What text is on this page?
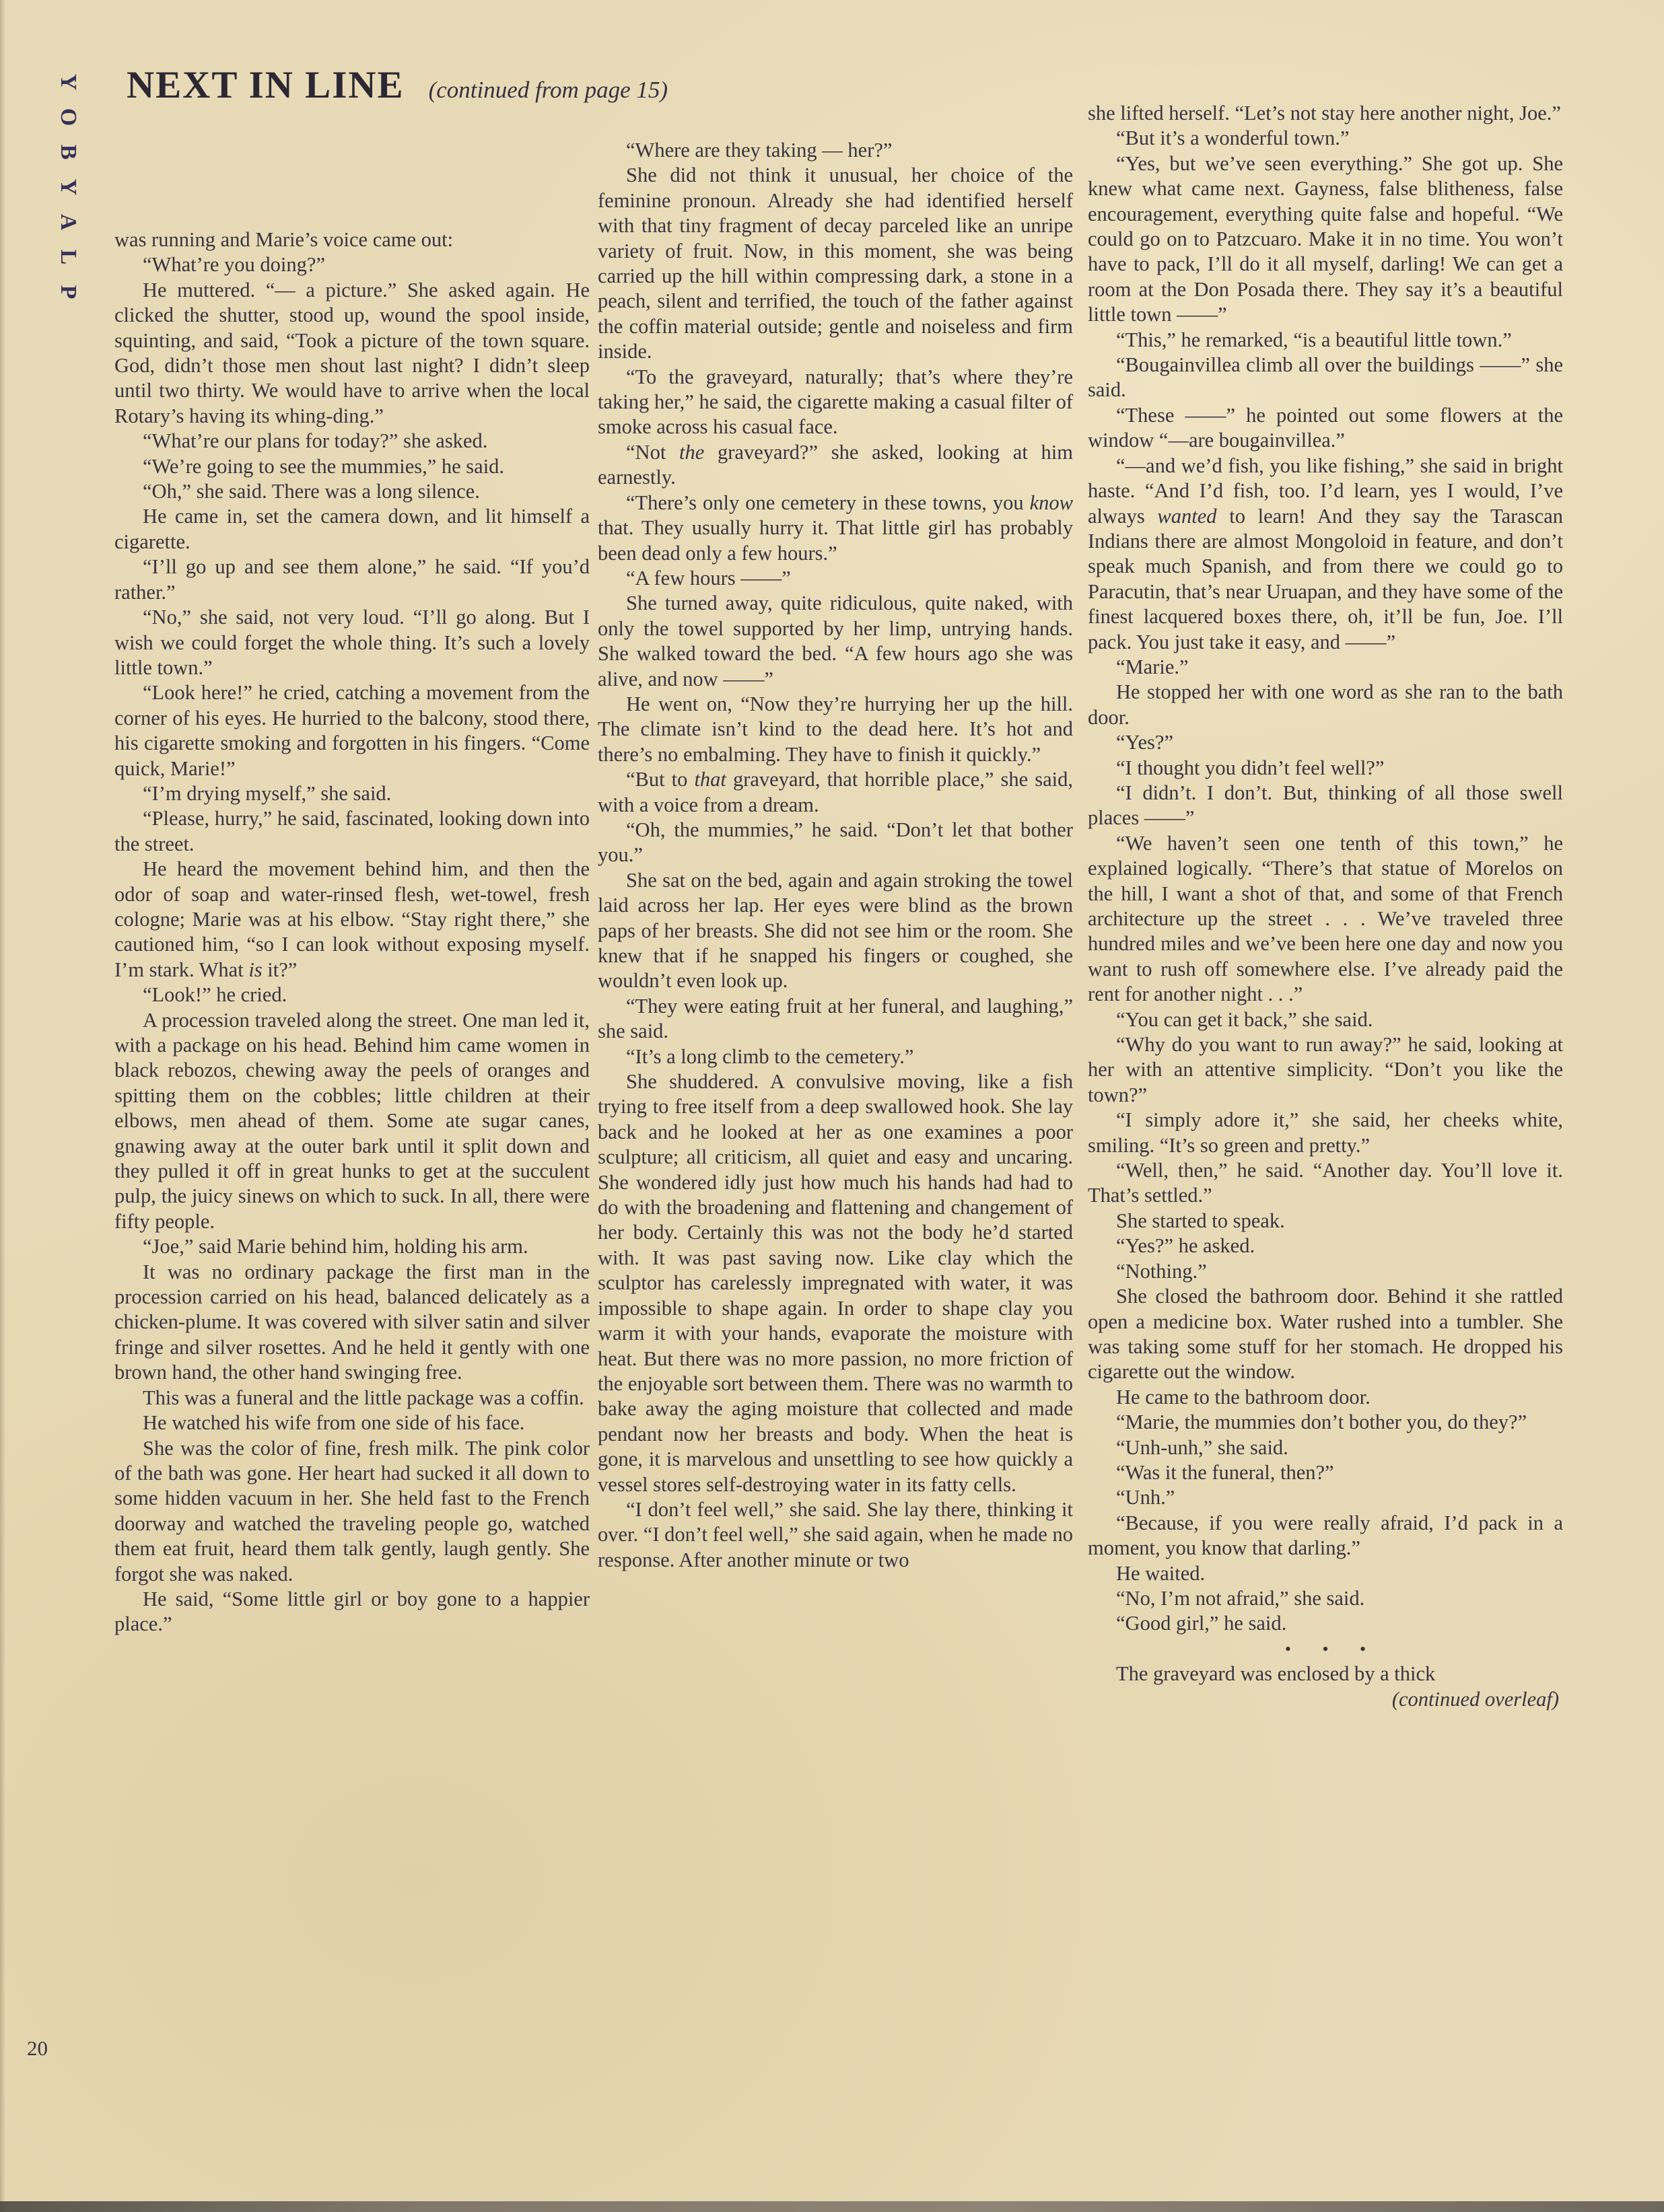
Y
O
B
Y
A
L
P
NEXT IN LINE (continued from page 15)

was running and Marie’s voice came out:

“What’re you doing?”

He muttered. “— a picture.” She asked again. He clicked the shutter, stood up, wound the spool inside, squinting, and said, “Took a picture of the town square. God, didn’t those men shout last night? I didn’t sleep until two thirty. We would have to arrive when the local Rotary’s having its whing-ding.”

“What’re our plans for today?” she asked.

“We’re going to see the mummies,” he said.

“Oh,” she said. There was a long silence.

He came in, set the camera down, and lit himself a cigarette.

“I’ll go up and see them alone,” he said. “If you’d rather.”

“No,” she said, not very loud. “I’ll go along. But I wish we could forget the whole thing. It’s such a lovely little town.”

“Look here!” he cried, catching a movement from the corner of his eyes. He hurried to the balcony, stood there, his cigarette smoking and forgotten in his fingers. “Come quick, Marie!”

“I’m drying myself,” she said.

“Please, hurry,” he said, fascinated, looking down into the street.

He heard the movement behind him, and then the odor of soap and water-rinsed flesh, wet-towel, fresh cologne; Marie was at his elbow. “Stay right there,” she cautioned him, “so I can look without exposing myself. I’m stark. What is it?”

“Look!” he cried.

A procession traveled along the street. One man led it, with a package on his head. Behind him came women in black rebozos, chewing away the peels of oranges and spitting them on the cobbles; little children at their elbows, men ahead of them. Some ate sugar canes, gnawing away at the outer bark until it split down and they pulled it off in great hunks to get at the succulent pulp, the juicy sinews on which to suck. In all, there were fifty people.

“Joe,” said Marie behind him, holding his arm.

It was no ordinary package the first man in the procession carried on his head, balanced delicately as a chicken-plume. It was covered with silver satin and silver fringe and silver rosettes. And he held it gently with one brown hand, the other hand swinging free.

This was a funeral and the little package was a coffin.

He watched his wife from one side of his face.

She was the color of fine, fresh milk. The pink color of the bath was gone. Her heart had sucked it all down to some hidden vacuum in her. She held fast to the French doorway and watched the traveling people go, watched them eat fruit, heard them talk gently, laugh gently. She forgot she was naked.

He said, “Some little girl or boy gone to a happier place.”

“Where are they taking — her?”

She did not think it unusual, her choice of the feminine pronoun. Already she had identified herself with that tiny fragment of decay parceled like an unripe variety of fruit. Now, in this moment, she was being carried up the hill within compressing dark, a stone in a peach, silent and terrified, the touch of the father against the coffin material outside; gentle and noiseless and firm inside.

“To the graveyard, naturally; that’s where they’re taking her,” he said, the cigarette making a casual filter of smoke across his casual face.

“Not the graveyard?” she asked, looking at him earnestly.

“There’s only one cemetery in these towns, you know that. They usually hurry it. That little girl has probably been dead only a few hours.”

“A few hours ——”

She turned away, quite ridiculous, quite naked, with only the towel supported by her limp, untrying hands. She walked toward the bed. “A few hours ago she was alive, and now ——”

He went on, “Now they’re hurrying her up the hill. The climate isn’t kind to the dead here. It’s hot and there’s no embalming. They have to finish it quickly.”

“But to that graveyard, that horrible place,” she said, with a voice from a dream.

“Oh, the mummies,” he said. “Don’t let that bother you.”

She sat on the bed, again and again stroking the towel laid across her lap. Her eyes were blind as the brown paps of her breasts. She did not see him or the room. She knew that if he snapped his fingers or coughed, she wouldn’t even look up.

“They were eating fruit at her funeral, and laughing,” she said.

“It’s a long climb to the cemetery.”

She shuddered. A convulsive moving, like a fish trying to free itself from a deep swallowed hook. She lay back and he looked at her as one examines a poor sculpture; all criticism, all quiet and easy and uncaring. She wondered idly just how much his hands had had to do with the broadening and flattening and changement of her body. Certainly this was not the body he’d started with. It was past saving now. Like clay which the sculptor has carelessly impregnated with water, it was impossible to shape again. In order to shape clay you warm it with your hands, evaporate the moisture with heat. But there was no more passion, no more friction of the enjoyable sort between them. There was no warmth to bake away the aging moisture that collected and made pendant now her breasts and body. When the heat is gone, it is marvelous and unsettling to see how quickly a vessel stores self-destroying water in its fatty cells.

“I don’t feel well,” she said. She lay there, thinking it over. “I don’t feel well,” she said again, when he made no response. After another minute or two

she lifted herself. “Let’s not stay here another night, Joe.”

“But it’s a wonderful town.”

“Yes, but we’ve seen everything.” She got up. She knew what came next. Gayness, false blitheness, false encouragement, everything quite false and hopeful. “We could go on to Patzcuaro. Make it in no time. You won’t have to pack, I’ll do it all myself, darling! We can get a room at the Don Posada there. They say it’s a beautiful little town ——”

“This,” he remarked, “is a beautiful little town.”

“Bougainvillea climb all over the buildings ——” she said.

“These ——” he pointed out some flowers at the window “—are bougainvillea.”

“—and we’d fish, you like fishing,” she said in bright haste. “And I’d fish, too. I’d learn, yes I would, I’ve always wanted to learn! And they say the Tarascan Indians there are almost Mongoloid in feature, and don’t speak much Spanish, and from there we could go to Paracutin, that’s near Uruapan, and they have some of the finest lacquered boxes there, oh, it’ll be fun, Joe. I’ll pack. You just take it easy, and ——”

“Marie.”

He stopped her with one word as she ran to the bath door.

“Yes?”

“I thought you didn’t feel well?”

“I didn’t. I don’t. But, thinking of all those swell places ——”

“We haven’t seen one tenth of this town,” he explained logically. “There’s that statue of Morelos on the hill, I want a shot of that, and some of that French architecture up the street . . . We’ve traveled three hundred miles and we’ve been here one day and now you want to rush off somewhere else. I’ve already paid the rent for another night . . .”

“You can get it back,” she said.

“Why do you want to run away?” he said, looking at her with an attentive simplicity. “Don’t you like the town?”

“I simply adore it,” she said, her cheeks white, smiling. “It’s so green and pretty.”

“Well, then,” he said. “Another day. You’ll love it. That’s settled.”

She started to speak.

“Yes?” he asked.

“Nothing.”

She closed the bathroom door. Behind it she rattled open a medicine box. Water rushed into a tumbler. She was taking some stuff for her stomach. He dropped his cigarette out the window.

He came to the bathroom door.

“Marie, the mummies don’t bother you, do they?”

“Unh-unh,” she said.

“Was it the funeral, then?”

“Unh.”

“Because, if you were really afraid, I’d pack in a moment, you know that darling.”

He waited.

“No, I’m not afraid,” she said.

“Good girl,” he said.

• • •

The graveyard was enclosed by a thick

(continued overleaf)

20
